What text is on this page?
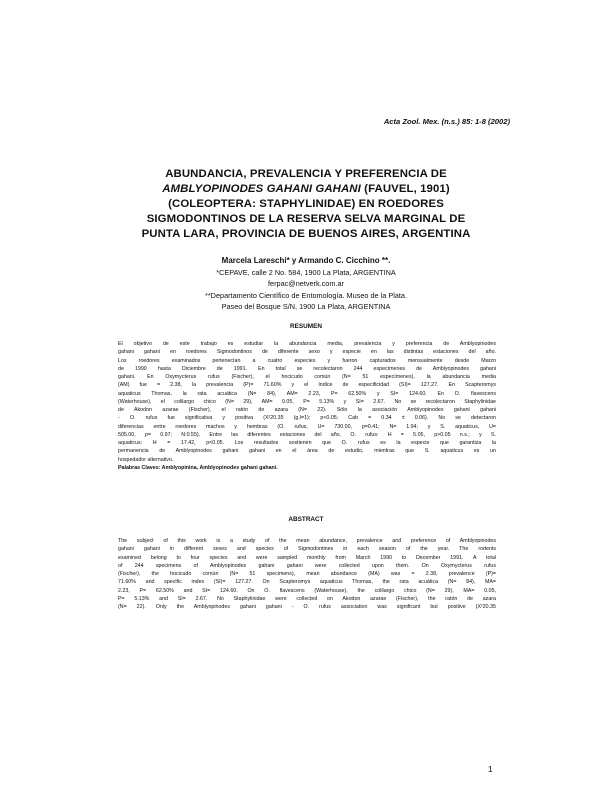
Acta Zool. Mex. (n.s.) 85: 1-8 (2002)
ABUNDANCIA, PREVALENCIA Y PREFERENCIA DE
AMBLYOPINODES GAHANI GAHANI (FAUVEL, 1901)
(COLEOPTERA: STAPHYLINIDAE) EN ROEDORES
SIGMODONTINOS DE LA RESERVA SELVA MARGINAL DE
PUNTA LARA, PROVINCIA DE BUENOS AIRES, ARGENTINA
Marcela Lareschi* y Armando C. Cicchino **.
*CEPAVE, calle 2 No. 584, 1900 La Plata, ARGENTINA
ferpac@netverk.com.ar
**Departamento Científico de Entomología. Museo de la Plata.
Paseo del Bosque S/N, 1900 La Plata, ARGENTINA
RESUMEN
El objetivo de este trabajo es estudiar la abundancia media, prevalencia y preferencia de Amblyopinodes
gahani gahani en roedores Sigmodontinos de diferente sexo y especie en las distintas estaciones del año.
Los roedores examinados pertenecían a cuatro especies y fueron capturados mensualmente desde Marzo
de 1990 hasta Diciembre de 1991. En total se recolectaron 244 especímenes de Amblyopinodes gahani
gahani. En Oxymycterus rufus (Fischer), el hocicudo común (N= 51 especímenes), la abundancia media
(AM) fue = 2.38, la prevalencia (P)= 71.60% y el índice de especificidad (SI)= 127.27. En Scapteromys
aquaticus Thomas, la rata acuática (N= 84), AM= 2.23, P= 62.50% y SI= 124.60. En O. flavescens
(Waterhouse), el colilargo chico (N= 29), AM= 0.05, P= 5.13% y SI= 2.67. No se recolectaron Staphylinidae
de Akodon azarae (Fischer), el ratón de azara (N= 22). Sólo la asociación Amblyopinodes gahani gahani
- O. rufus fue significativa y positiva (X²20.35 (g.l=1); p<0.05; Cab = 0.34 ± 0.06). No se detectaron
diferencias entre roedores machos y hembras (O. rufus, U= 730.00, p=0.41; N= 1.94; y S. aquaticus, U=
505.00, p= 0.97; N:0.55). Entre las diferentes estaciones del año, O. rufus: H = 5.05, p>0.05 n.s.; y S.
aquaticus: H = 17.42, p<0.05. Los resultados sostienen que O. rufus es la especie que garantiza la
permanencia de Amblyopinodes gahani gahani en el área de estudio, mientras que S. aquaticus es un
hospedador alternativo.
Palabras Claves: Amblyopinina, Amblyopinodes gahani gahani.
ABSTRACT
The subject of this work is a study of the mean abundance, prevalence and preference of Amblyopinodes
gahani gahani in different sexes and species of Sigmodontines in each season of the year. The rodents
examined belong to four species and were sampled monthly from March 1990 to December 1991. A total
of 244 specimens of Amblyopinodes gahani gahani were collected upon them. On Oxymycterus rufus
(Fischer), the hocicudo común (N= 51 specimens), mean abundance (MA) was = 2.38, prevalence (P)=
71.60% and specific index (SI)= 127.27. On Scapteromys aquaticus Thomas, the rata acuática (N= 84), MA=
2.23, P= 62.50% and SI= 124.60. On O. flavescens (Waterhouse), the colilargo chico (N= 29), MA= 0.05,
P= 5.13% and SI= 2.67. No Staphylinidae were collected on Akodon azarae (Fischer), the ratón de azara
(N= 22). Only the Amblyopinodes gahani gahani - O. rufus association was significant but positive (X²20.35
1
